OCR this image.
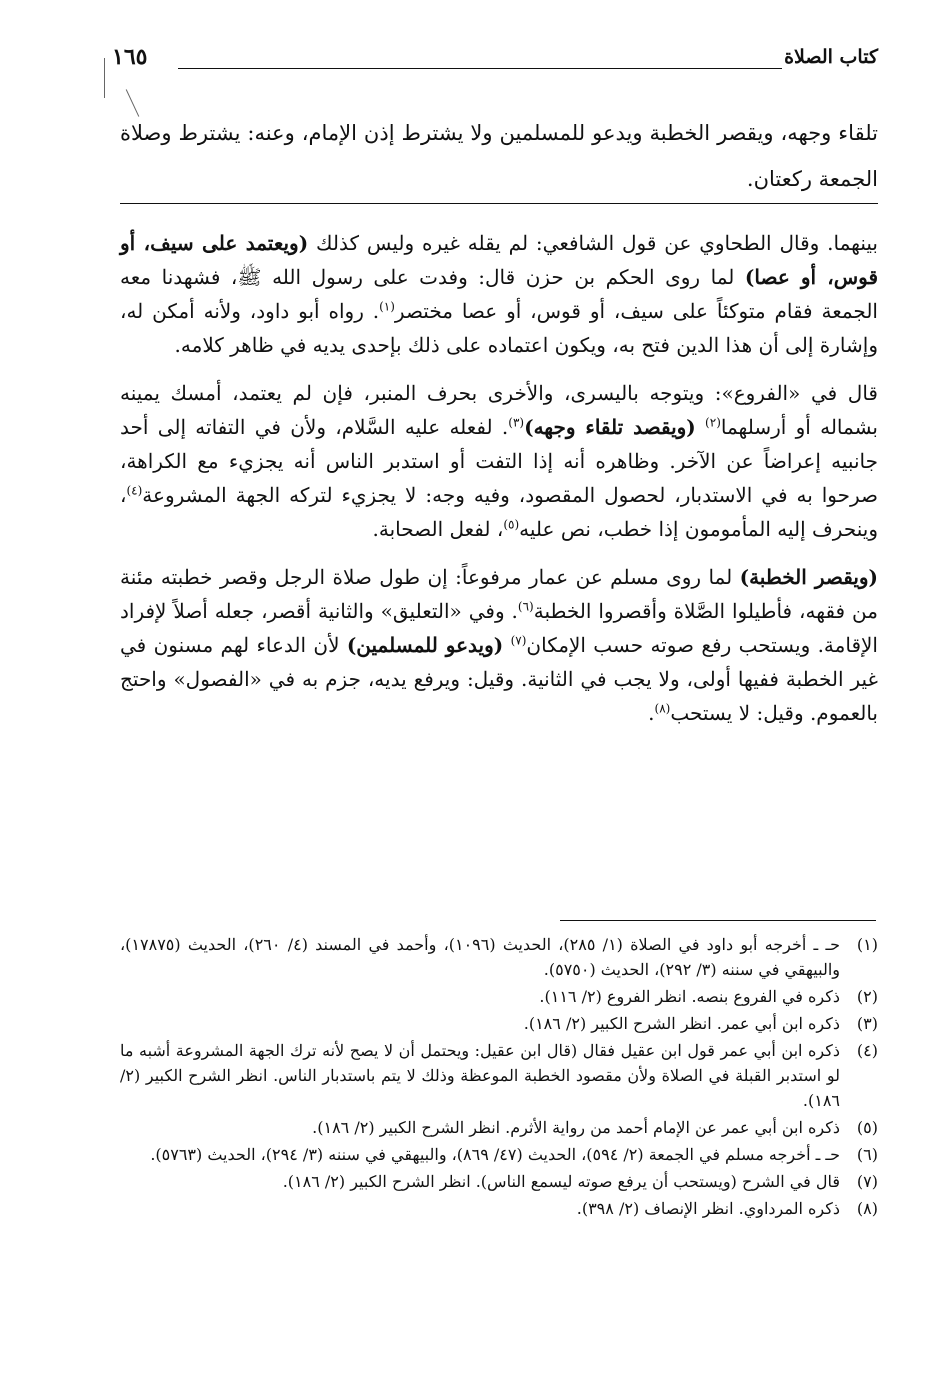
كتاب الصلاة
١٦٥
تلقاء وجهه، ويقصر الخطبة ويدعو للمسلمين ولا يشترط إذن الإمام، وعنه: يشترط وصلاة الجمعة ركعتان.

بينهما. وقال الطحاوي عن قول الشافعي: لم يقله غيره وليس كذلك (ويعتمد على سيف، أو قوس، أو عصا) لما روى الحكم بن حزن قال: وفدت على رسول الله ﷺ، فشهدنا معه الجمعة فقام متوكئاً على سيف، أو قوس، أو عصا مختصر$^{(١)}$. رواه أبو داود، ولأنه أمكن له، وإشارة إلى أن هذا الدين فتح به، ويكون اعتماده على ذلك بإحدى يديه في ظاهر كلامه.

قال في «الفروع»: ويتوجه باليسرى، والأخرى بحرف المنبر، فإن لم يعتمد، أمسك يمينه بشماله أو أرسلهما$^{(٢)}$ (ويقصد تلقاء وجهه)$^{(٣)}$. لفعله عليه السَّلام، ولأن في التفاته إلى أحد جانبيه إعراضاً عن الآخر. وظاهره أنه إذا التفت أو استدبر الناس أنه يجزيء مع الكراهة، صرحوا به في الاستدبار، لحصول المقصود، وفيه وجه: لا يجزيء لتركه الجهة المشروعة$^{(٤)}$، وينحرف إليه المأمومون إذا خطب، نص عليه$^{(٥)}$، لفعل الصحابة.

(ويقصر الخطبة) لما روى مسلم عن عمار مرفوعاً: إن طول صلاة الرجل وقصر خطبته مئنة من فقهه، فأطيلوا الصَّلاة وأقصروا الخطبة$^{(٦)}$. وفي «التعليق» والثانية أقصر، جعله أصلاً لإفراد الإقامة. ويستحب رفع صوته حسب الإمكان$^{(٧)}$ (ويدعو للمسلمين) لأن الدعاء لهم مسنون في غير الخطبة ففيها أولى، ولا يجب في الثانية. وقيل: ويرفع يديه، جزم به في «الفصول» واحتج بالعموم. وقيل: لا يستحب$^{(٨)}$.

(١)
حـ ـ أخرجه أبو داود في الصلاة (١/ ٢٨٥)، الحديث (١٠٩٦)، وأحمد في المسند (٤/ ٢٦٠)، الحديث (١٧٨٧٥)، والبيهقي في سننه (٣/ ٢٩٢)، الحديث (٥٧٥٠).
(٢)
ذكره في الفروع بنصه. انظر الفروع (٢/ ١١٦).
(٣)
ذكره ابن أبي عمر. انظر الشرح الكبير (٢/ ١٨٦).
(٤)
ذكره ابن أبي عمر قول ابن عقيل فقال (قال ابن عقيل: ويحتمل أن لا يصح لأنه ترك الجهة المشروعة أشبه ما لو استدبر القبلة في الصلاة ولأن مقصود الخطبة الموعظة وذلك لا يتم باستدبار الناس. انظر الشرح الكبير (٢/ ١٨٦).
(٥)
ذكره ابن أبي عمر عن الإمام أحمد من رواية الأثرم. انظر الشرح الكبير (٢/ ١٨٦).
(٦)
حـ ـ أخرجه مسلم في الجمعة (٢/ ٥٩٤)، الحديث (٤٧/ ٨٦٩)، والبيهقي في سننه (٣/ ٢٩٤)، الحديث (٥٧٦٣).
(٧)
قال في الشرح (ويستحب أن يرفع صوته ليسمع الناس). انظر الشرح الكبير (٢/ ١٨٦).
(٨)
ذكره المرداوي. انظر الإنصاف (٢/ ٣٩٨).
